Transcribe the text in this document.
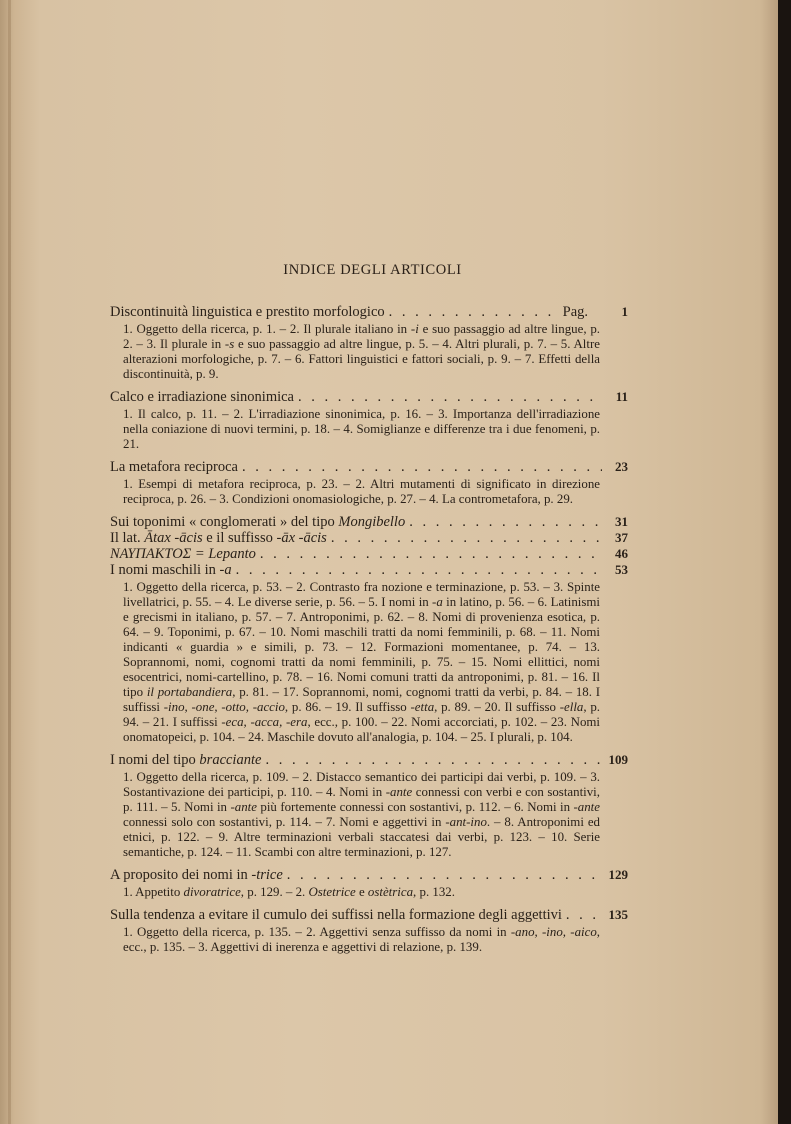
INDICE DEGLI ARTICOLI
Discontinuità linguistica e prestito morfologico . . .	Pag.	1
1. Oggetto della ricerca, p. 1. – 2. Il plurale italiano in -i e suo passaggio ad altre lingue, p. 2. – 3. Il plurale in -s e suo passaggio ad altre lingue, p. 5. – 4. Altri plurali, p. 7. – 5. Altre alterazioni morfologiche, p. 7. – 6. Fattori linguistici e fattori sociali, p. 9. – 7. Effetti della discontinuità, p. 9.
Calco e irradiazione sinonimica . . .	11
1. Il calco, p. 11. – 2. L'irradiazione sinonimica, p. 16. – 3. Importanza dell'irradiazione nella coniazione di nuovi termini, p. 18. – 4. Somiglianze e differenze tra i due fenomeni, p. 21.
La metafora reciproca . . .	23
1. Esempi di metafora reciproca, p. 23. – 2. Altri mutamenti di significato in direzione reciproca, p. 26. – 3. Condizioni onomasiologiche, p. 27. – 4. La contrometafora, p. 29.
Sui toponimi « conglomerati » del tipo Mongibello . . .	31
Il lat. Ātax -ācis e il suffisso -āx -ācis . . .	37
ΝΑΥΠΑΚΤΟΣ = Lepanto . . .	46
I nomi maschili in -a . . .	53
1. Oggetto della ricerca, p. 53. – 2. Contrasto fra nozione e terminazione, p. 53. – 3. Spinte livellatrici, p. 55. – 4. Le diverse serie, p. 56. – 5. I nomi in -a in latino, p. 56. – 6. Latinismi e grecismi in italiano, p. 57. – 7. Antroponimi, p. 62. – 8. Nomi di provenienza esotica, p. 64. – 9. Toponimi, p. 67. – 10. Nomi maschili tratti da nomi femminili, p. 68. – 11. Nomi indicanti « guardia » e simili, p. 73. – 12. Formazioni momentanee, p. 74. – 13. Soprannomi, nomi, cognomi tratti da nomi femminili, p. 75. – 15. Nomi ellittici, nomi esocentrici, nomi-cartellino, p. 78. – 16. Nomi comuni tratti da antroponimi, p. 81. – 16. Il tipo il portabandiera, p. 81. – 17. Soprannomi, nomi, cognomi tratti da verbi, p. 84. – 18. I suffissi -ino, -one, -otto, -accio, p. 86. – 19. Il suffisso -etta, p. 89. – 20. Il suffisso -ella, p. 94. – 21. I suffissi -eca, -acca, -era, ecc., p. 100. – 22. Nomi accorciati, p. 102. – 23. Nomi onomatopeici, p. 104. – 24. Maschile dovuto all'analogia, p. 104. – 25. I plurali, p. 104.
I nomi del tipo bracciante . . .	109
1. Oggetto della ricerca, p. 109. – 2. Distacco semantico dei participi dai verbi, p. 109. – 3. Sostantivazione dei participi, p. 110. – 4. Nomi in -ante connessi con verbi e con sostantivi, p. 111. – 5. Nomi in -ante più fortemente connessi con sostantivi, p. 112. – 6. Nomi in -ante connessi solo con sostantivi, p. 114. – 7. Nomi e aggettivi in -ant-ino. – 8. Antroponimi ed etnici, p. 122. – 9. Altre terminazioni verbali staccatesi dai verbi, p. 123. – 10. Serie semantiche, p. 124. – 11. Scambi con altre terminazioni, p. 127.
A proposito dei nomi in -trice . . .	129
1. Appetito divoratrice, p. 129. – 2. Ostetrice e ostètrica, p. 132.
Sulla tendenza a evitare il cumulo dei suffissi nella formazione degli aggettivi . . .	135
1. Oggetto della ricerca, p. 135. – 2. Aggettivi senza suffisso da nomi in -ano, -ino, -aico, ecc., p. 135. – 3. Aggettivi di inerenza e aggettivi di relazione, p. 139.
